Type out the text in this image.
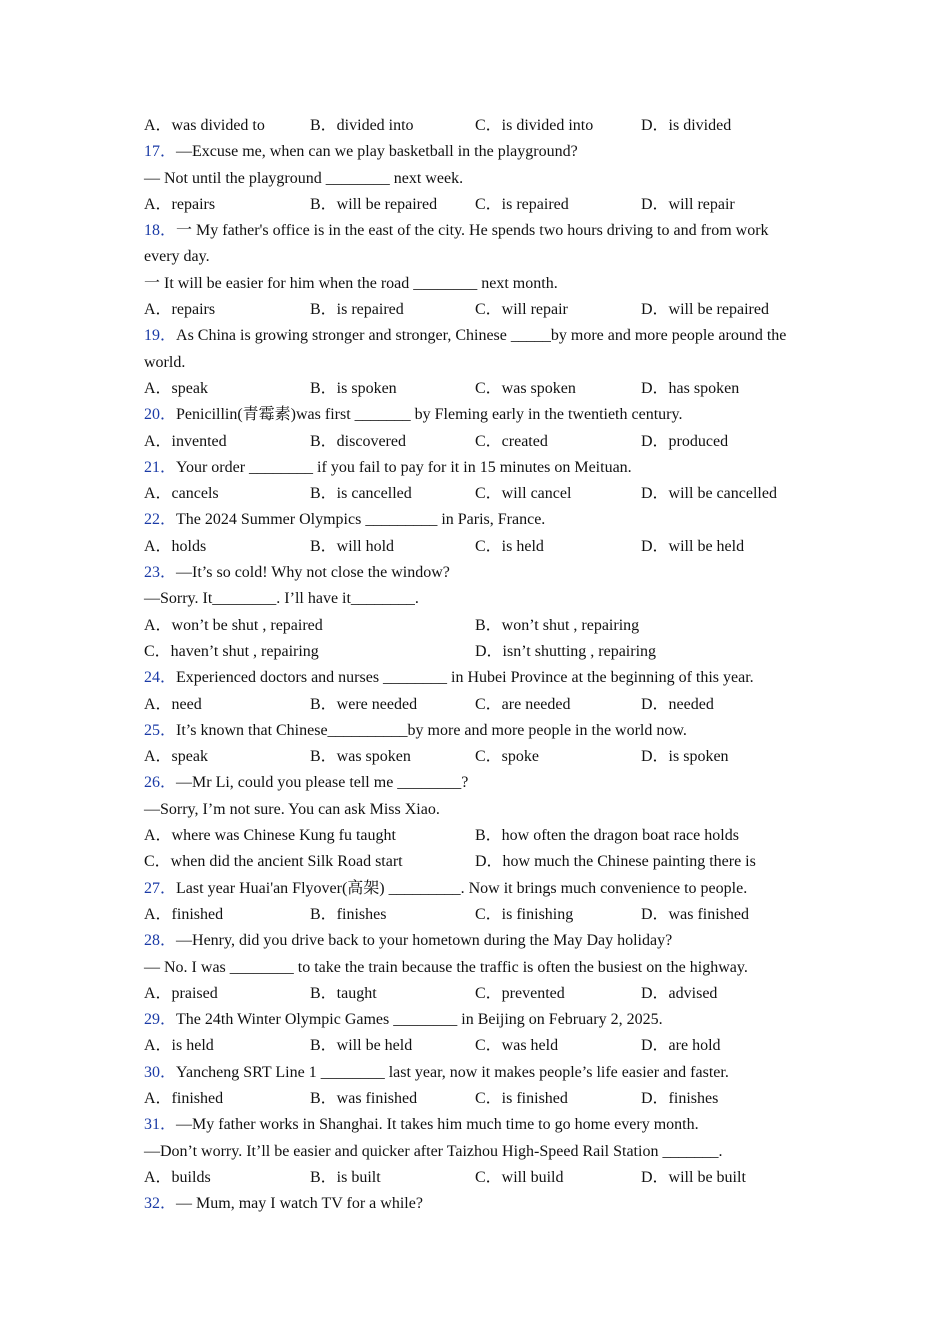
A．was divided to	B．divided into	C．is divided into	D．is divided
17．—Excuse me, when can we play basketball in the playground?
— Not until the playground ________ next week.
A．repairs	B．will be repaired C．is repaired	D．will repair
18．一 My father's office is in the east of the city. He spends two hours driving to and from work every day.
一 It will be easier for him when the road ________ next month.
A．repairs	B．is repaired	C．will repair	D．will be repaired
19．As China is growing stronger and stronger, Chinese _____by more and more people around the world.
A．speak	B．is spoken	C．was spoken	D．has spoken
20．Penicillin(青霉素)was first _______ by Fleming early in the twentieth century.
A．invented	B．discovered	C．created	D．produced
21．Your order ________ if you fail to pay for it in 15 minutes on Meituan.
A．cancels	B．is cancelled	C．will cancel	D．will be cancelled
22．The 2024 Summer Olympics _________ in Paris, France.
A．holds	B．will hold	C．is held	D．will be held
23．—It’s so cold! Why not close the window?
—Sorry. It________. I’ll have it________.
A．won’t be shut , repaired	B．won’t shut , repairing
C．haven’t shut , repairing	D．isn’t shutting , repairing
24．Experienced doctors and nurses ________ in Hubei Province at the beginning of this year.
A．need	B．were needed	C．are needed	D．needed
25．It’s known that Chinese__________by more and more people in the world now.
A．speak	B．was spoken	C．spoke	D．is spoken
26．—Mr Li, could you please tell me ________?
—Sorry, I’m not sure. You can ask Miss Xiao.
A．where was Chinese Kung fu taught	B．how often the dragon boat race holds
C．when did the ancient Silk Road start	D．how much the Chinese painting there is
27．Last year Huai'an Flyover(高架) _________. Now it brings much convenience to people.
A．finished	B．finishes	C．is finishing	D．was finished
28．—Henry, did you drive back to your hometown during the May Day holiday?
— No. I was ________ to take the train because the traffic is often the busiest on the highway.
A．praised	B．taught	C．prevented	D．advised
29．The 24th Winter Olympic Games ________ in Beijing on February 2, 2025.
A．is held	B．will be held	C．was held	D．are hold
30．Yancheng SRT Line 1 ________ last year, now it makes people’s life easier and faster.
A．finished	B．was finished	C．is finished	D．finishes
31．—My father works in Shanghai. It takes him much time to go home every month.
—Don’t worry. It’ll be easier and quicker after Taizhou High-Speed Rail Station _______.
A．builds	B．is built	C．will build	D．will be built
32．— Mum, may I watch TV for a while?
